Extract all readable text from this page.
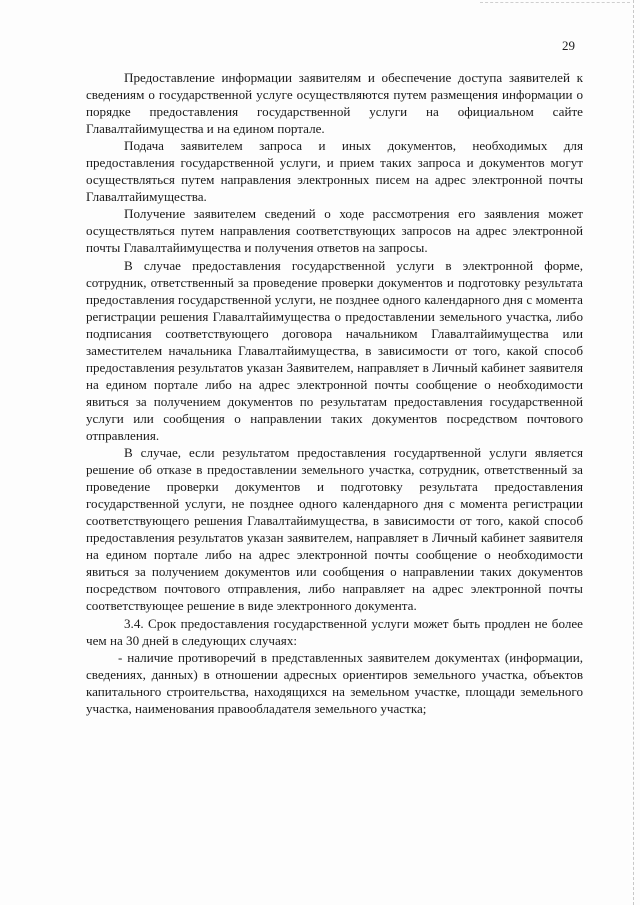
29

Предоставление информации заявителям и обеспечение доступа заявителей к сведениям о государственной услуге осуществляются путем размещения информации о порядке предоставления государственной услуги на официальном сайте Главалтайимущества и на едином портале.

Подача заявителем запроса и иных документов, необходимых для предоставления государственной услуги, и прием таких запроса и документов могут осуществляться путем направления электронных писем на адрес электронной почты Главалтайимущества.

Получение заявителем сведений о ходе рассмотрения его заявления может осуществляться путем направления соответствующих запросов на адрес электронной почты Главалтайимущества и получения ответов на запросы.

В случае предоставления государственной услуги в электронной форме, сотрудник, ответственный за проведение проверки документов и подготовку результата предоставления государственной услуги, не позднее одного календарного дня с момента регистрации решения Главалтайимущества о предоставлении земельного участка, либо подписания соответствующего договора начальником Главалтайимущества или заместителем начальника Главалтайимущества, в зависимости от того, какой способ предоставления результатов указан Заявителем, направляет в Личный кабинет заявителя на едином портале либо на адрес электронной почты сообщение о необходимости явиться за получением документов по результатам предоставления государственной услуги или сообщения о направлении таких документов посредством почтового отправления.

В случае, если результатом предоставления государтвенной услуги является решение об отказе в предоставлении земельного участка, сотрудник, ответственный за проведение проверки документов и подготовку результата предоставления государственной услуги, не позднее одного календарного дня с момента регистрации соответствующего решения Главалтайимущества, в зависимости от того, какой способ предоставления результатов указан заявителем, направляет в Личный кабинет заявителя на едином портале либо на адрес электронной почты сообщение о необходимости явиться за получением документов или сообщения о направлении таких документов посредством почтового отправления, либо направляет на адрес электронной почты соответствующее решение в виде электронного документа.

3.4. Срок предоставления государственной услуги может быть продлен не более чем на 30 дней в следующих случаях:

- наличие противоречий в представленных заявителем документах (информации, сведениях, данных) в отношении адресных ориентиров земельного участка, объектов капитального строительства, находящихся на земельном участке, площади земельного участка, наименования правообладателя земельного участка;
